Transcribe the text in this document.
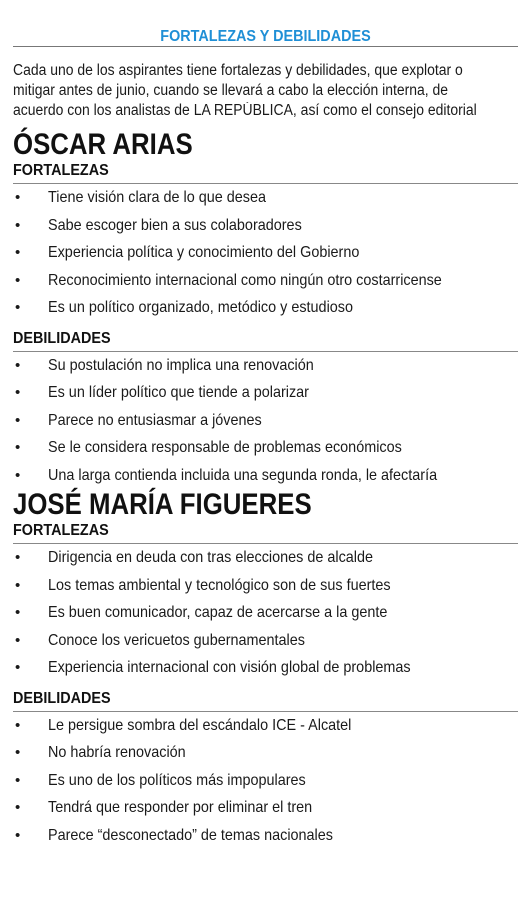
FORTALEZAS Y DEBILIDADES
Cada uno de los aspirantes tiene fortalezas y debilidades, que explotar o
mitigar antes de junio, cuando se llevará a cabo la elección interna, de
acuerdo con los analistas de LA REPÚBLICA, así como el consejo editorial
ÓSCAR ARIAS
FORTALEZAS
• Tiene visión clara de lo que desea
• Sabe escoger bien a sus colaboradores
• Experiencia política y conocimiento del Gobierno
• Reconocimiento internacional como ningún otro costarricense
• Es un político organizado, metódico y estudioso
DEBILIDADES
• Su postulación no implica una renovación
• Es un líder político que tiende a polarizar
• Parece no entusiasmar a jóvenes
• Se le considera responsable de problemas económicos
• Una larga contienda incluida una segunda ronda, le afectaría
JOSÉ MARÍA FIGUERES
FORTALEZAS
• Dirigencia en deuda con tras elecciones de alcalde
• Los temas ambiental y tecnológico son de sus fuertes
• Es buen comunicador, capaz de acercarse a la gente
• Conoce los vericuetos gubernamentales
• Experiencia internacional con visión global de problemas
DEBILIDADES
• Le persigue sombra del escándalo ICE - Alcatel
• No habría renovación
• Es uno de los políticos más impopulares
• Tendrá que responder por eliminar el tren
• Parece “desconectado” de temas nacionales
